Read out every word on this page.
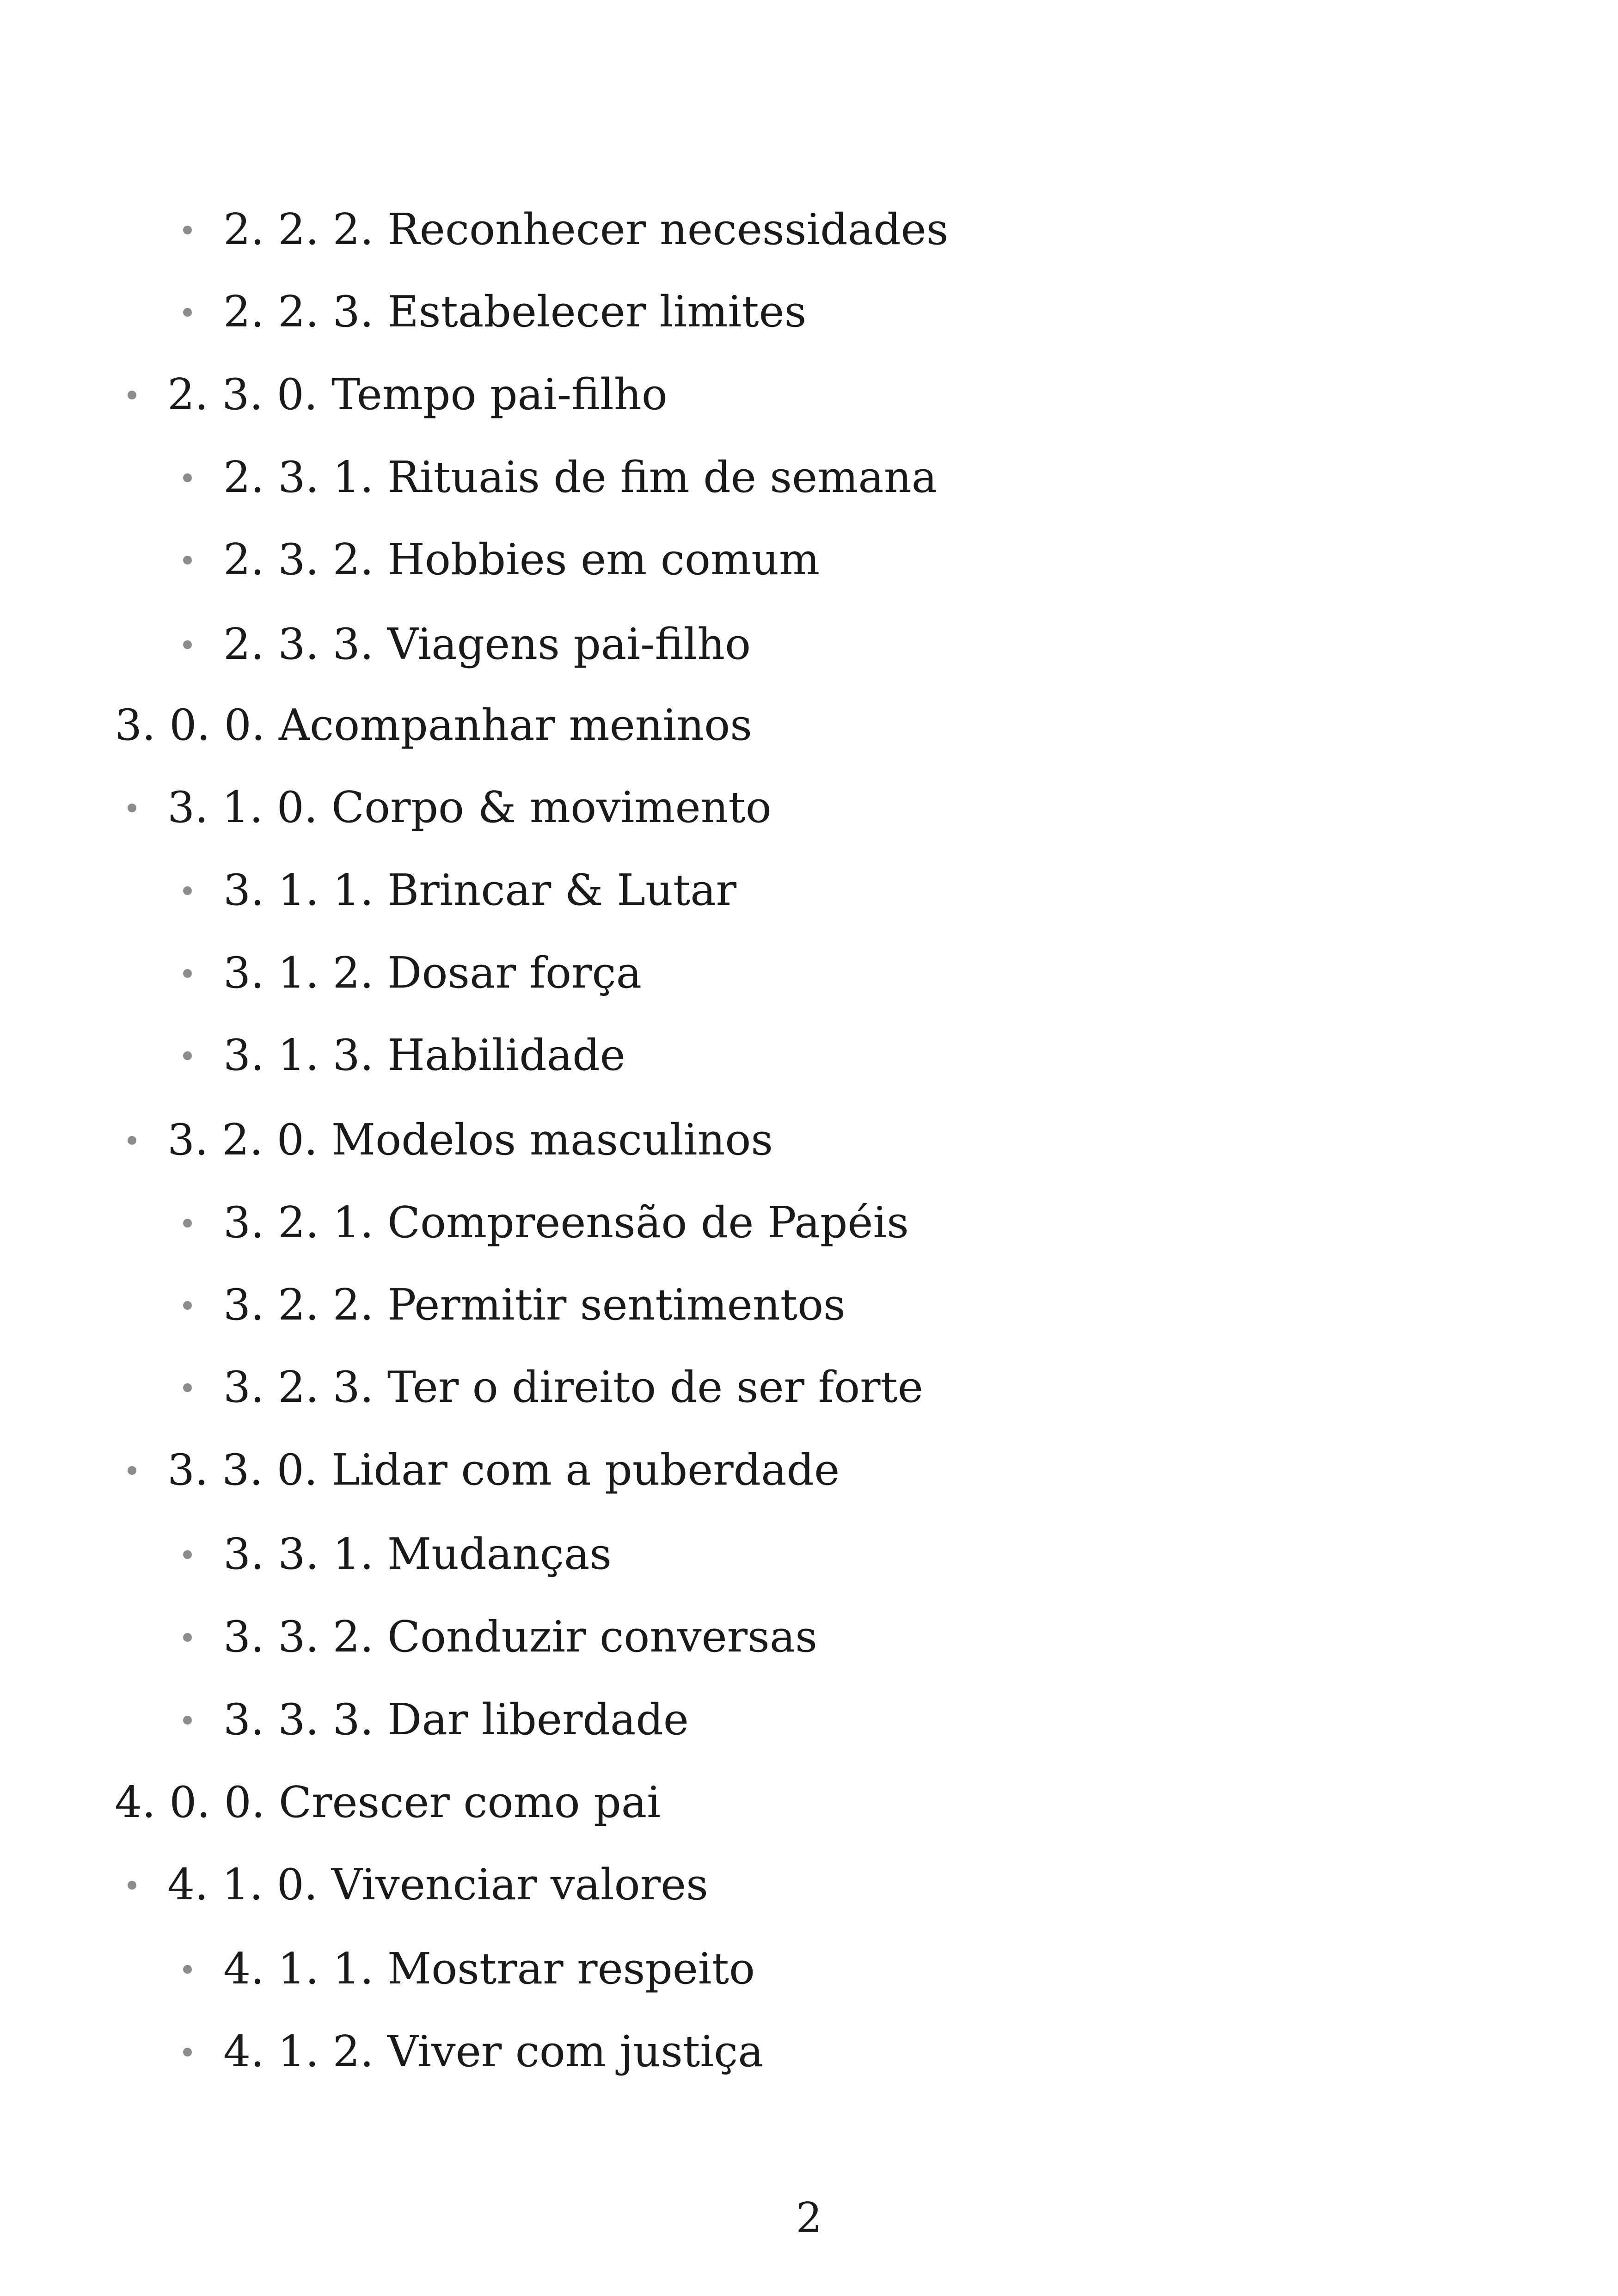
2. 2. 2. Reconhecer necessidades
2. 2. 3. Estabelecer limites
2. 3. 0. Tempo pai-filho
2. 3. 1. Rituais de fim de semana
2. 3. 2. Hobbies em comum
2. 3. 3. Viagens pai-filho
3. 0. 0. Acompanhar meninos
3. 1. 0. Corpo & movimento
3. 1. 1. Brincar & Lutar
3. 1. 2. Dosar força
3. 1. 3. Habilidade
3. 2. 0. Modelos masculinos
3. 2. 1. Compreensão de Papéis
3. 2. 2. Permitir sentimentos
3. 2. 3. Ter o direito de ser forte
3. 3. 0. Lidar com a puberdade
3. 3. 1. Mudanças
3. 3. 2. Conduzir conversas
3. 3. 3. Dar liberdade
4. 0. 0. Crescer como pai
4. 1. 0. Vivenciar valores
4. 1. 1. Mostrar respeito
4. 1. 2. Viver com justiça
2
